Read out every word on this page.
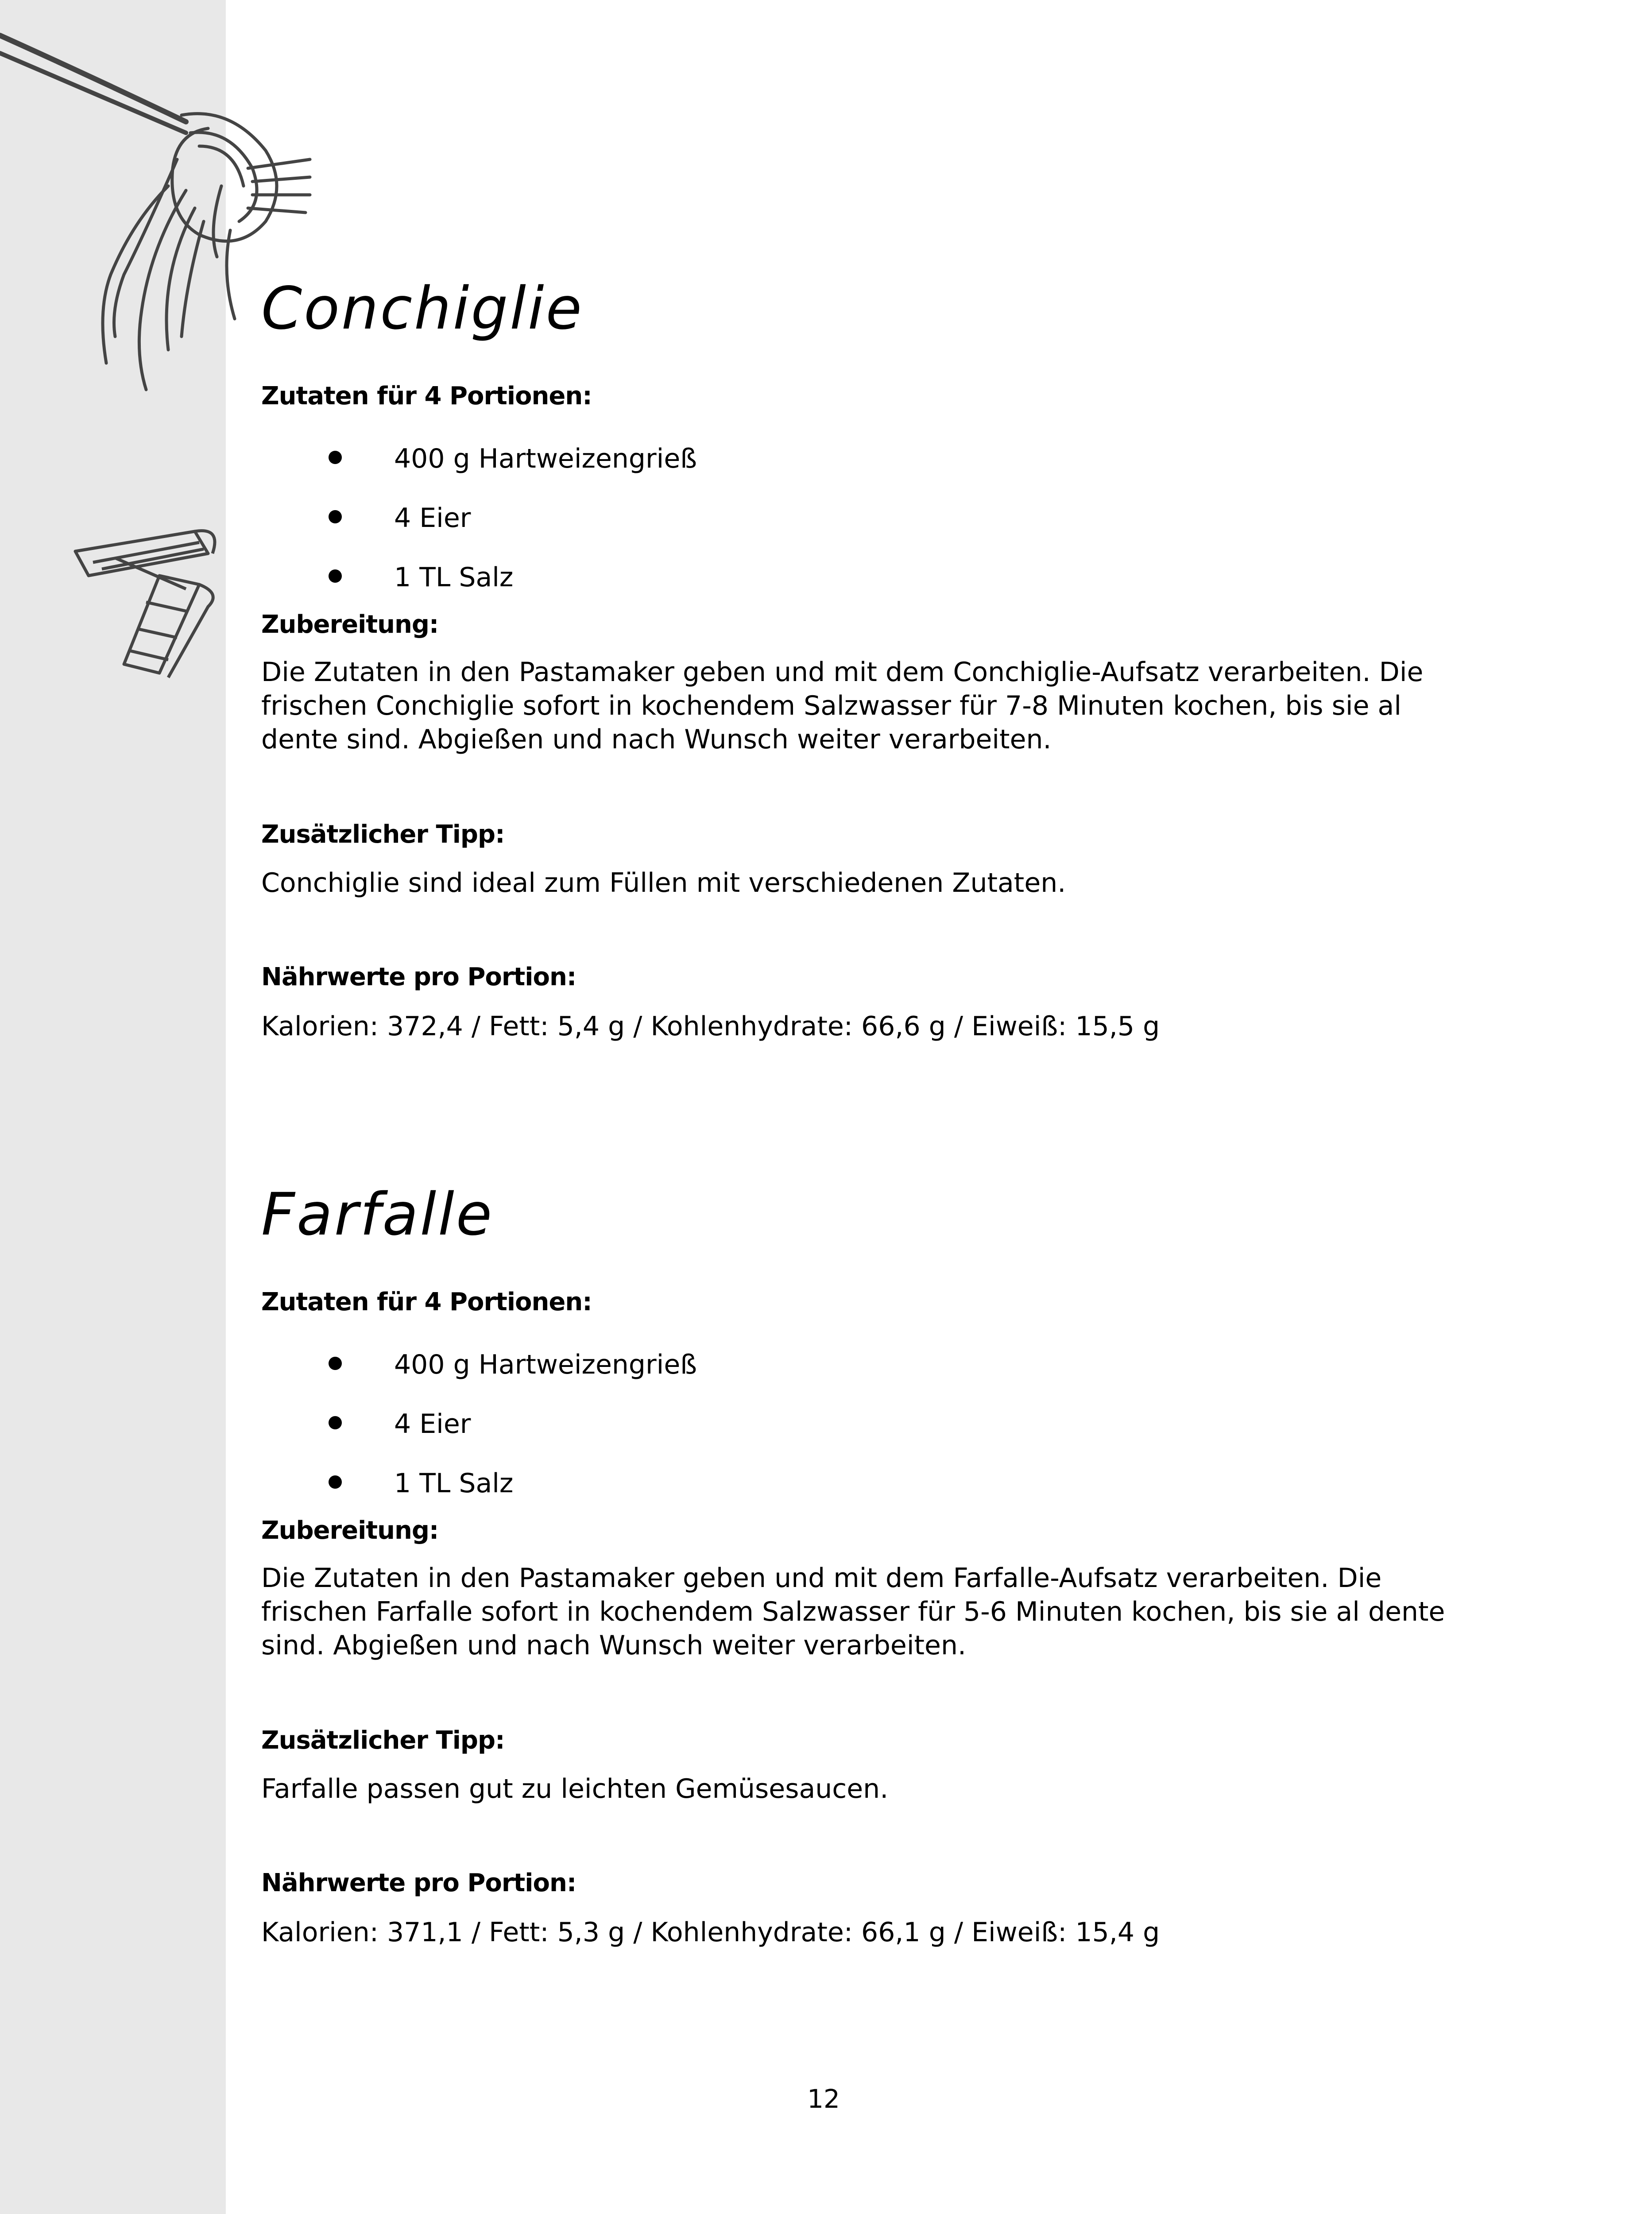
Conchiglie
Zutaten für 4 Portionen:
400 g Hartweizengrieß
4 Eier
1 TL Salz
Zubereitung:
Die Zutaten in den Pastamaker geben und mit dem Conchiglie-Aufsatz verarbeiten. Die
frischen Conchiglie sofort in kochendem Salzwasser für 7-8 Minuten kochen, bis sie al
dente sind. Abgießen und nach Wunsch weiter verarbeiten.
Zusätzlicher Tipp:
Conchiglie sind ideal zum Füllen mit verschiedenen Zutaten.
Nährwerte pro Portion:
Kalorien: 372,4 / Fett: 5,4 g / Kohlenhydrate: 66,6 g / Eiweiß: 15,5 g
Farfalle
Zutaten für 4 Portionen:
400 g Hartweizengrieß
4 Eier
1 TL Salz
Zubereitung:
Die Zutaten in den Pastamaker geben und mit dem Farfalle-Aufsatz verarbeiten. Die
frischen Farfalle sofort in kochendem Salzwasser für 5-6 Minuten kochen, bis sie al dente
sind. Abgießen und nach Wunsch weiter verarbeiten.
Zusätzlicher Tipp:
Farfalle passen gut zu leichten Gemüsesaucen.
Nährwerte pro Portion:
Kalorien: 371,1 / Fett: 5,3 g / Kohlenhydrate: 66,1 g / Eiweiß: 15,4 g
12
